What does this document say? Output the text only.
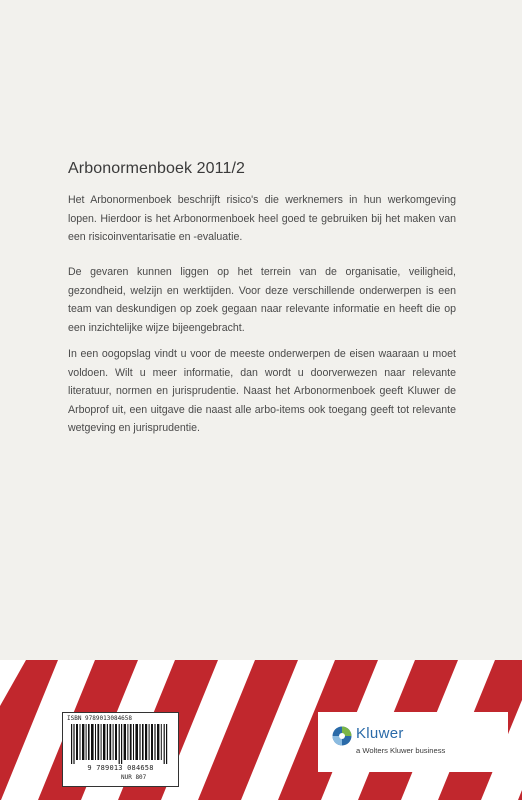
Arbonormenboek 2011/2

Het Arbonormenboek beschrijft risico's die werknemers in hun werkomgeving lopen. Hierdoor is het Arbonormenboek heel goed te gebruiken bij het maken van een risicoinventarisatie en -evaluatie.

De gevaren kunnen liggen op het terrein van de organisatie, veiligheid, gezondheid, welzijn en werktijden. Voor deze verschillende onderwerpen is een team van deskundigen op zoek gegaan naar relevante informatie en heeft die op een inzichtelijke wijze bijeengebracht.

In een oogopslag vindt u voor de meeste onderwerpen de eisen waaraan u moet voldoen. Wilt u meer informatie, dan wordt u doorverwezen naar relevante literatuur, normen en jurisprudentie. Naast het Arbonormenboek geeft Kluwer de Arboprof uit, een uitgave die naast alle arbo-items ook toegang geeft tot relevante wetgeving en jurisprudentie.

ISBN 9789013084658
9 789013 084658
NUR 807
Kluwer
a Wolters Kluwer business
